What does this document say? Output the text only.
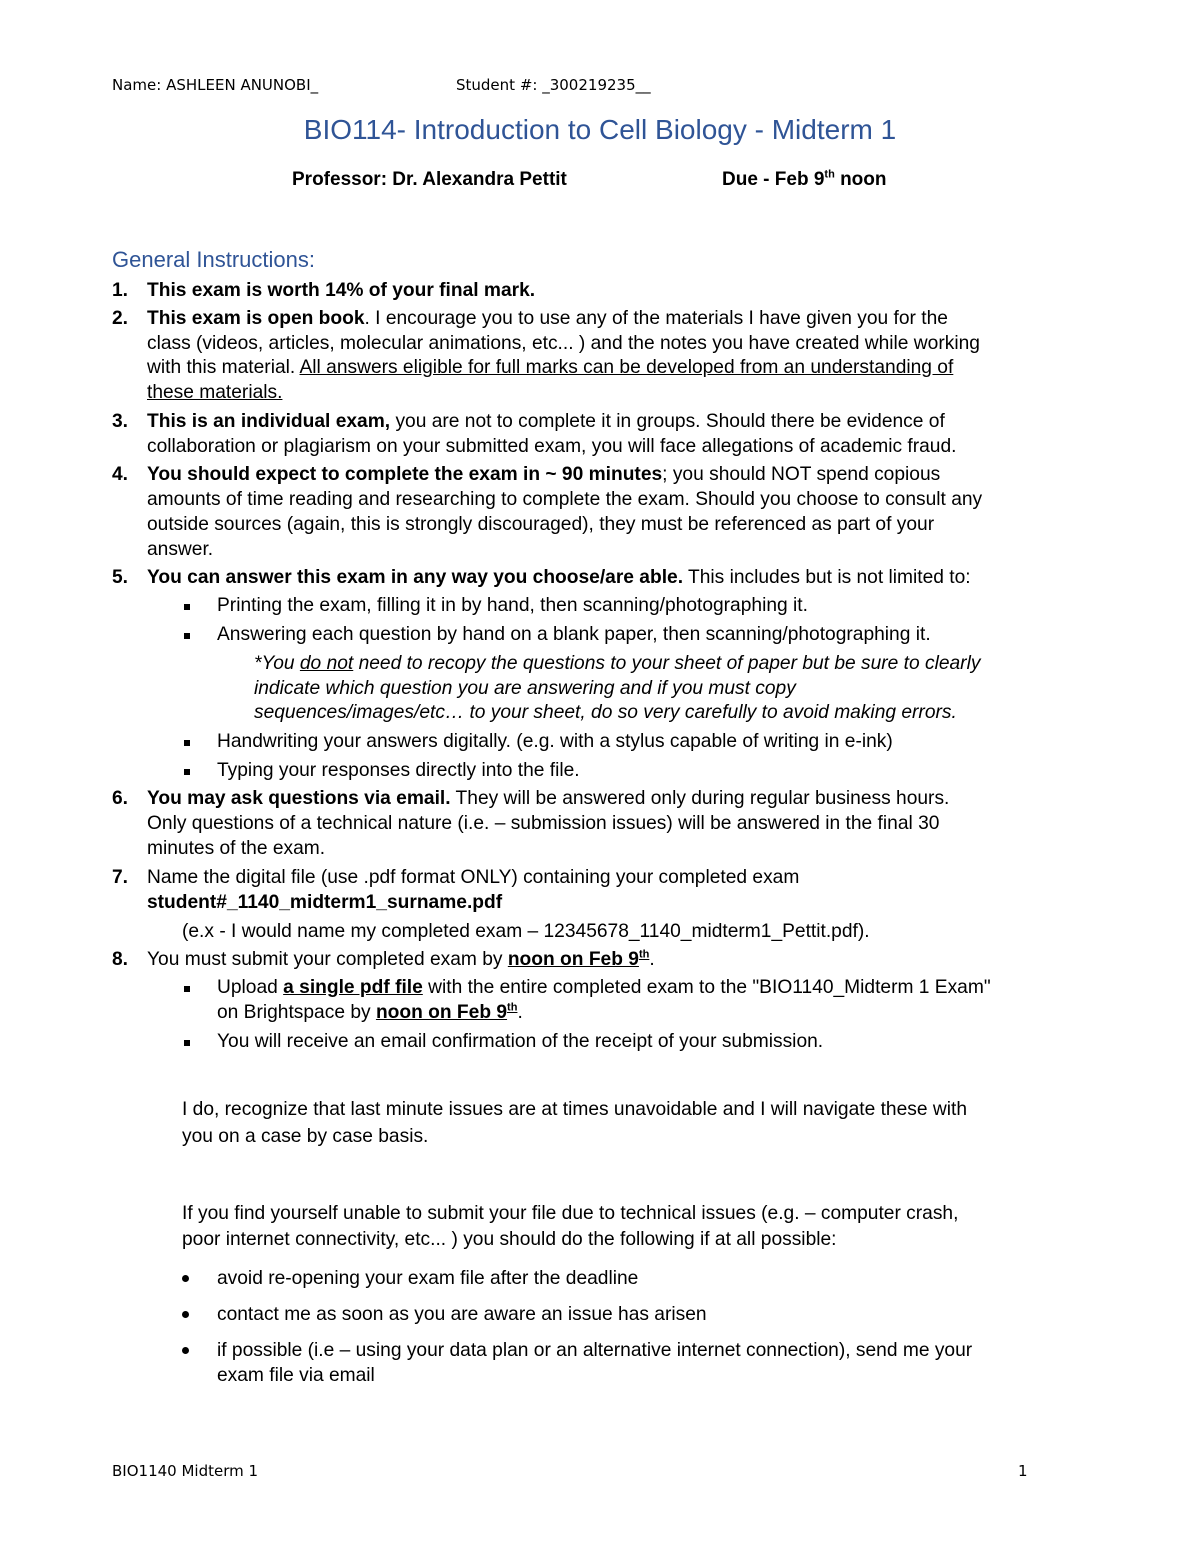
Name: ASHLEEN ANUNOBI_	Student #: _300219235__
BIO114- Introduction to Cell Biology - Midterm 1
Professor: Dr. Alexandra Pettit	Due - Feb 9th noon
General Instructions:
1. This exam is worth 14% of your final mark.
2. This exam is open book. I encourage you to use any of the materials I have given you for the
class (videos, articles, molecular animations, etc... ) and the notes you have created while working
with this material. All answers eligible for full marks can be developed from an understanding of
these materials.
3. This is an individual exam, you are not to complete it in groups. Should there be evidence of
collaboration or plagiarism on your submitted exam, you will face allegations of academic fraud.
4. You should expect to complete the exam in ~ 90 minutes; you should NOT spend copious
amounts of time reading and researching to complete the exam. Should you choose to consult any
outside sources (again, this is strongly discouraged), they must be referenced as part of your
answer.
5. You can answer this exam in any way you choose/are able. This includes but is not limited to:
Printing the exam, filling it in by hand, then scanning/photographing it.
Answering each question by hand on a blank paper, then scanning/photographing it.
*You do not need to recopy the questions to your sheet of paper but be sure to clearly
indicate which question you are answering and if you must copy
sequences/images/etc… to your sheet, do so very carefully to avoid making errors.
Handwriting your answers digitally. (e.g. with a stylus capable of writing in e-ink)
Typing your responses directly into the file.
6. You may ask questions via email. They will be answered only during regular business hours.
Only questions of a technical nature (i.e. – submission issues) will be answered in the final 30
minutes of the exam.
7. Name the digital file (use .pdf format ONLY) containing your completed exam
student#_1140_midterm1_surname.pdf
(e.x - I would name my completed exam – 12345678_1140_midterm1_Pettit.pdf).
8. You must submit your completed exam by noon on Feb 9th.
Upload a single pdf file with the entire completed exam to the "BIO1140_Midterm 1 Exam"
on Brightspace by noon on Feb 9th.
You will receive an email confirmation of the receipt of your submission.
I do, recognize that last minute issues are at times unavoidable and I will navigate these with
you on a case by case basis.
If you find yourself unable to submit your file due to technical issues (e.g. – computer crash,
poor internet connectivity, etc... ) you should do the following if at all possible:
avoid re-opening your exam file after the deadline
contact me as soon as you are aware an issue has arisen
if possible (i.e – using your data plan or an alternative internet connection), send me your
exam file via email
BIO1140 Midterm 1	1
